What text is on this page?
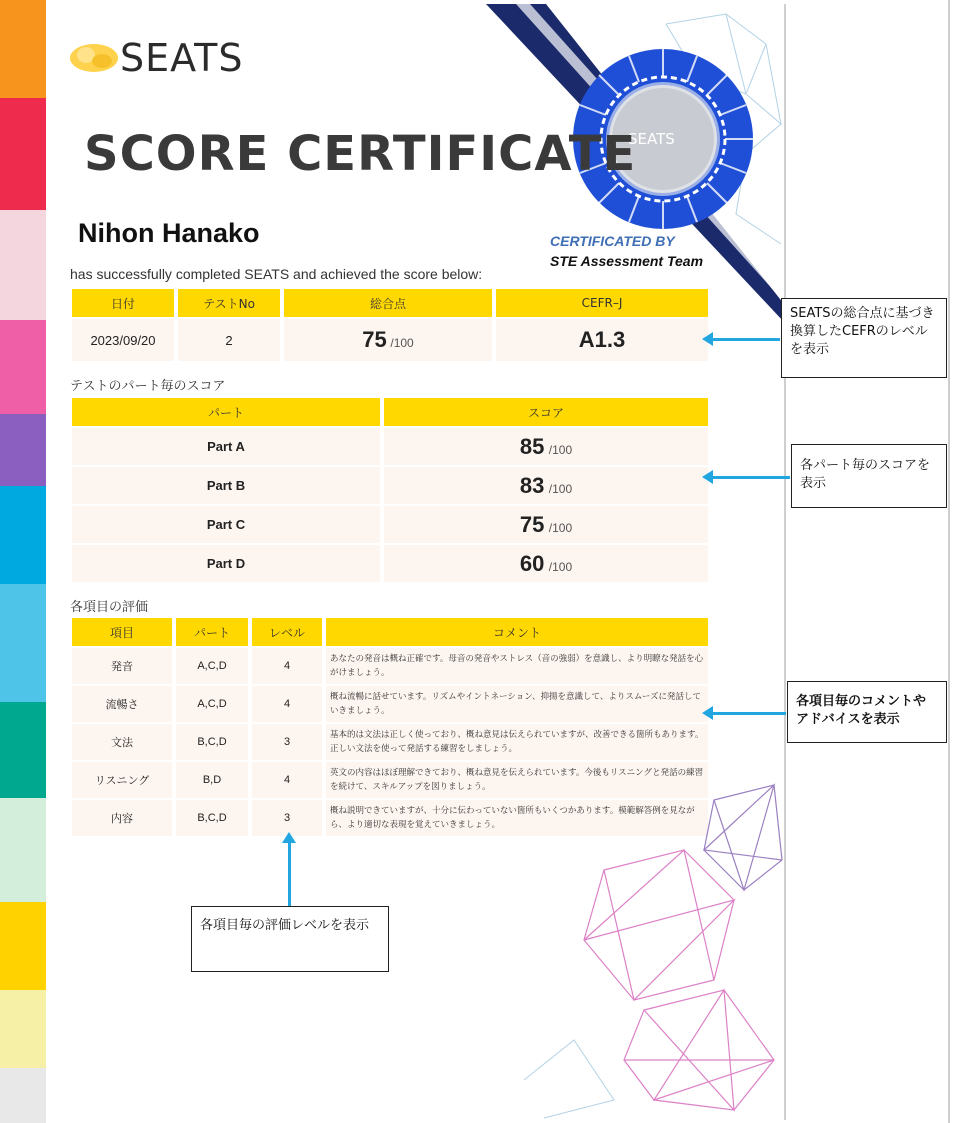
SEATS
SEATS
SCORE CERTIFICATE
Nihon Hanako
has successfully completed SEATS and achieved the score below:
CERTIFICATED BY
STE Assessment Team
日付	テストNo	総合点	CEFR–J
2023/09/20	2	75 /100	A1.3
テストのパート毎のスコア
パート	スコア
Part A	85 /100
Part B	83 /100
Part C	75 /100
Part D	60 /100
各項目の評価
項目	パート	レベル	コメント
発音	A,C,D	4	あなたの発音は概ね正確です。母音の発音やストレス（音の強弱）を意識し、より明瞭な発話を心がけましょう。
流暢さ	A,C,D	4	概ね流暢に話せています。リズムやイントネーション、抑揚を意識して、よりスムーズに発話していきましょう。
文法	B,C,D	3	基本的は文法は正しく使っており、概ね意見は伝えられていますが、改善できる箇所もあります。正しい文法を使って発話する練習をしましょう。
リスニング	B,D	4	英文の内容はほぼ理解できており、概ね意見を伝えられています。今後もリスニングと発話の練習を続けて、スキルアップを図りましょう。
内容	B,C,D	3	概ね説明できていますが、十分に伝わっていない箇所もいくつかあります。模範解答例を見ながら、より適切な表現を覚えていきましょう。
SEATSの総合点に基づき換算したCEFRのレベルを表示
各パート毎のスコアを表示
各項目毎のコメントやアドバイスを表示
各項目毎の評価レベルを表示
